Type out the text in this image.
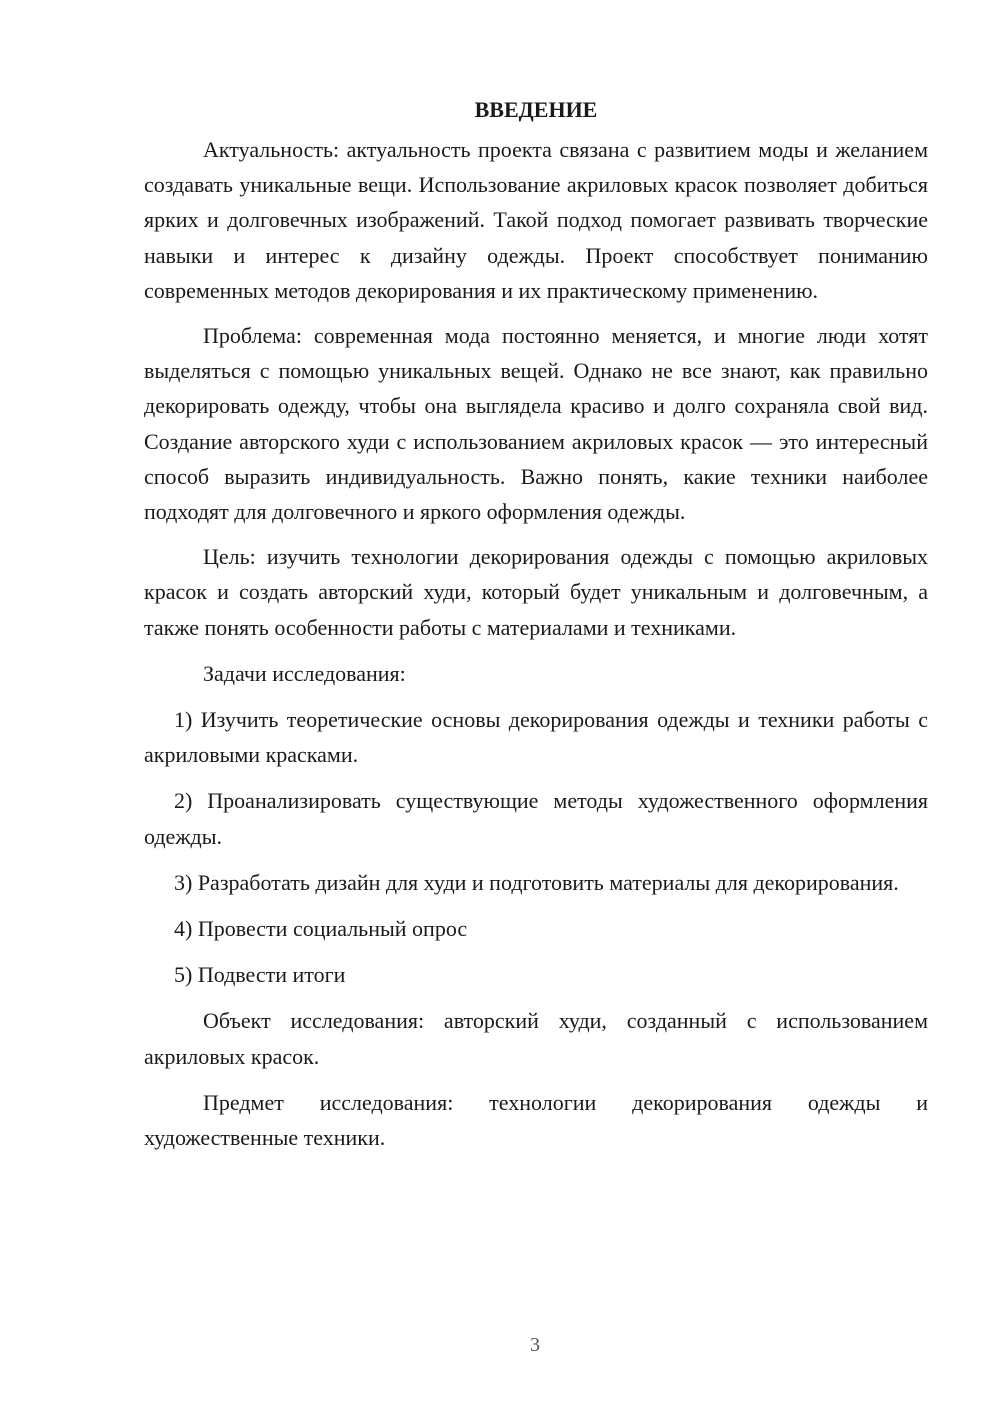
ВВЕДЕНИЕ

Актуальность: актуальность проекта связана с развитием моды и желанием создавать уникальные вещи. Использование акриловых красок позволяет добиться ярких и долговечных изображений. Такой подход помогает развивать творческие навыки и интерес к дизайну одежды. Проект способствует пониманию современных методов декорирования и их практическому применению.

Проблема: современная мода постоянно меняется, и многие люди хотят выделяться с помощью уникальных вещей. Однако не все знают, как правильно декорировать одежду, чтобы она выглядела красиво и долго сохраняла свой вид. Создание авторского худи с использованием акриловых красок — это интересный способ выразить индивидуальность. Важно понять, какие техники наиболее подходят для долговечного и яркого оформления одежды.

Цель: изучить технологии декорирования одежды с помощью акриловых красок и создать авторский худи, который будет уникальным и долговечным, а также понять особенности работы с материалами и техниками.

Задачи исследования:

1) Изучить теоретические основы декорирования одежды и техники работы с акриловыми красками.

2) Проанализировать существующие методы художественного оформления одежды.

3) Разработать дизайн для худи и подготовить материалы для декорирования.

4) Провести социальный опрос

5) Подвести итоги

Объект исследования: авторский худи, созданный с использованием акриловых красок.

Предмет исследования: технологии декорирования одежды и художественные техники.

3
